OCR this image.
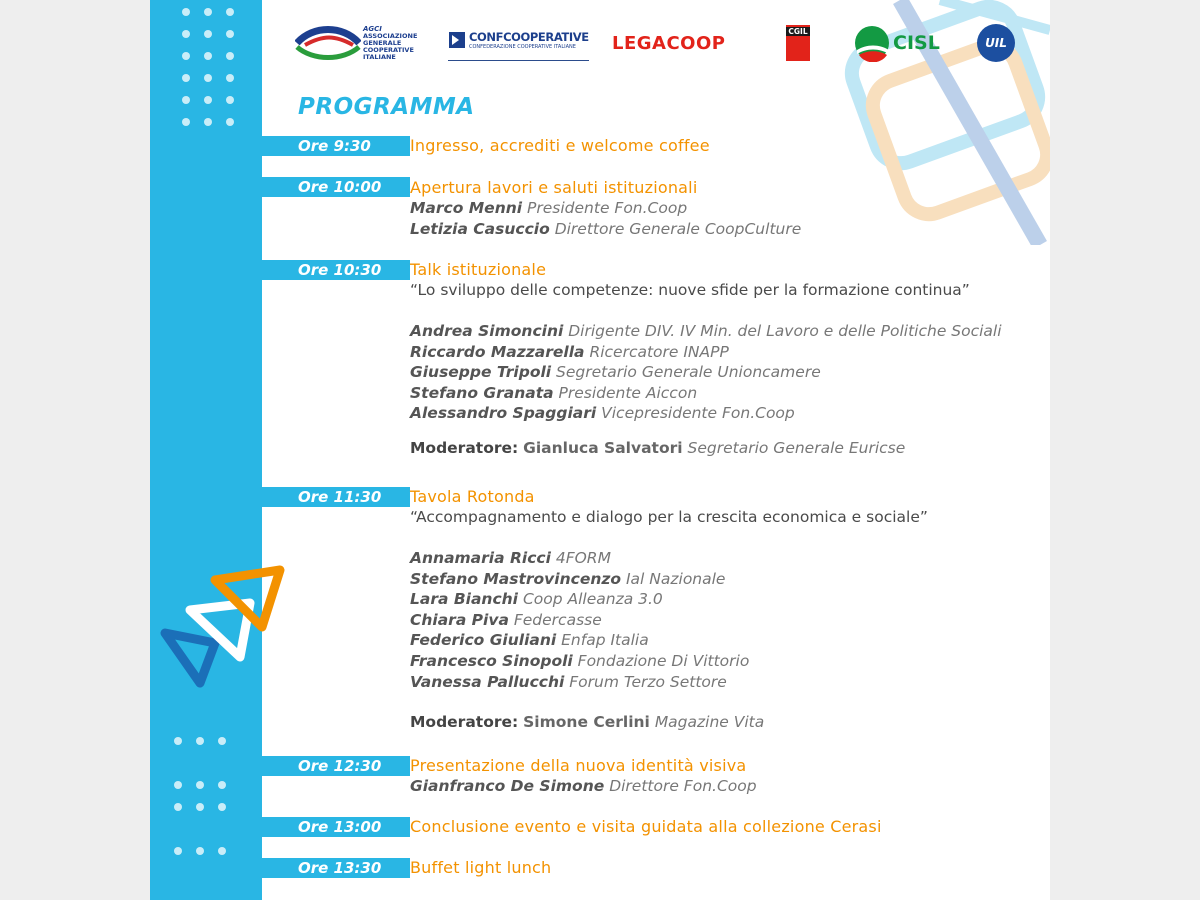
AGCI
ASSOCIAZIONE
GENERALE
COOPERATIVE
ITALIANE
CONFCOOPERATIVE
CONFEDERAZIONE COOPERATIVE ITALIANE	LEGACOOP
CGIL
CISL	UIL
PROGRAMMA
Ore 9:30
Ore 10:00
Ore 10:30
Ore 11:30
Ore 12:30
Ore 13:00
Ore 13:30
Ingresso, accrediti e welcome coffee
Apertura lavori e saluti istituzionali
Marco Menni Presidente Fon.Coop
Letizia Casuccio Direttore Generale CoopCulture
Talk istituzionale
“Lo sviluppo delle competenze: nuove sfide per la formazione continua”
Andrea Simoncini Dirigente DIV. IV Min. del Lavoro e delle Politiche Sociali
Riccardo Mazzarella Ricercatore INAPP
Giuseppe Tripoli Segretario Generale Unioncamere
Stefano Granata Presidente Aiccon
Alessandro Spaggiari Vicepresidente Fon.Coop
Moderatore: Gianluca Salvatori Segretario Generale Euricse
Tavola Rotonda
“Accompagnamento e dialogo per la crescita economica e sociale”
Annamaria Ricci 4FORM
Stefano Mastrovincenzo Ial Nazionale
Lara Bianchi Coop Alleanza 3.0
Chiara Piva Federcasse
Federico Giuliani Enfap Italia
Francesco Sinopoli Fondazione Di Vittorio
Vanessa Pallucchi Forum Terzo Settore
Moderatore: Simone Cerlini Magazine Vita
Presentazione della nuova identità visiva
Gianfranco De Simone Direttore Fon.Coop
Conclusione evento e visita guidata alla collezione Cerasi
Buffet light lunch
